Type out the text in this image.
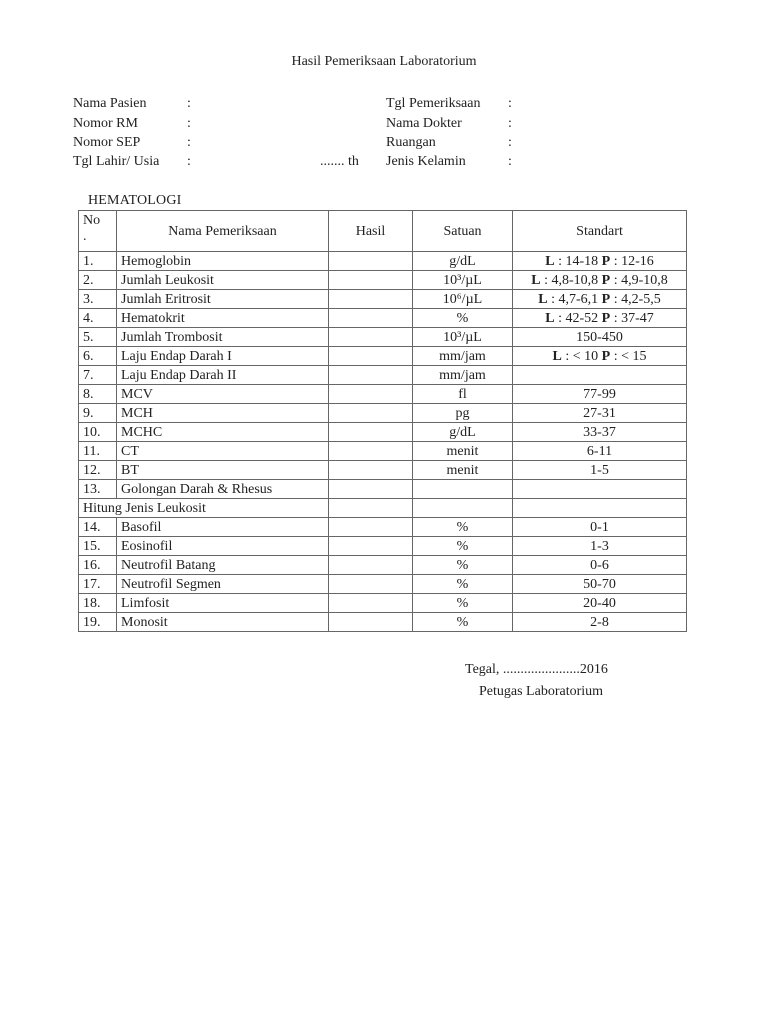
Hasil Pemeriksaan Laboratorium
Nama Pasien	:
Nomor RM	:
Nomor SEP	:
Tgl Lahir/ Usia :	....... th
Tgl Pemeriksaan :
Nama Dokter	:
Ruangan	:
Jenis Kelamin	:
HEMATOLOGI
No
.	Nama Pemeriksaan	Hasil	Satuan	Standart
1.	Hemoglobin		g/dL	L : 14-18 P : 12-16
2.	Jumlah Leukosit		10³/µL	L : 4,8-10,8 P : 4,9-10,8
3.	Jumlah Eritrosit		10⁶/µL	L : 4,7-6,1 P : 4,2-5,5
4.	Hematokrit		%	L : 42-52 P : 37-47
5.	Jumlah Trombosit		10³/µL	150-450
6.	Laju Endap Darah I		mm/jam	L : < 10 P : < 15
7.	Laju Endap Darah II		mm/jam	
8.	MCV		fl	77-99
9.	MCH		pg	27-31
10.	MCHC		g/dL	33-37
11.	CT		menit	6-11
12.	BT		menit	1-5
13.	Golongan Darah & Rhesus			
Hitung Jenis Leukosit				
14.	Basofil		%	0-1
15.	Eosinofil		%	1-3
16.	Neutrofil Batang		%	0-6
17.	Neutrofil Segmen		%	50-70
18.	Limfosit		%	20-40
19.	Monosit		%	2-8
Tegal, ......................2016
Petugas Laboratorium
